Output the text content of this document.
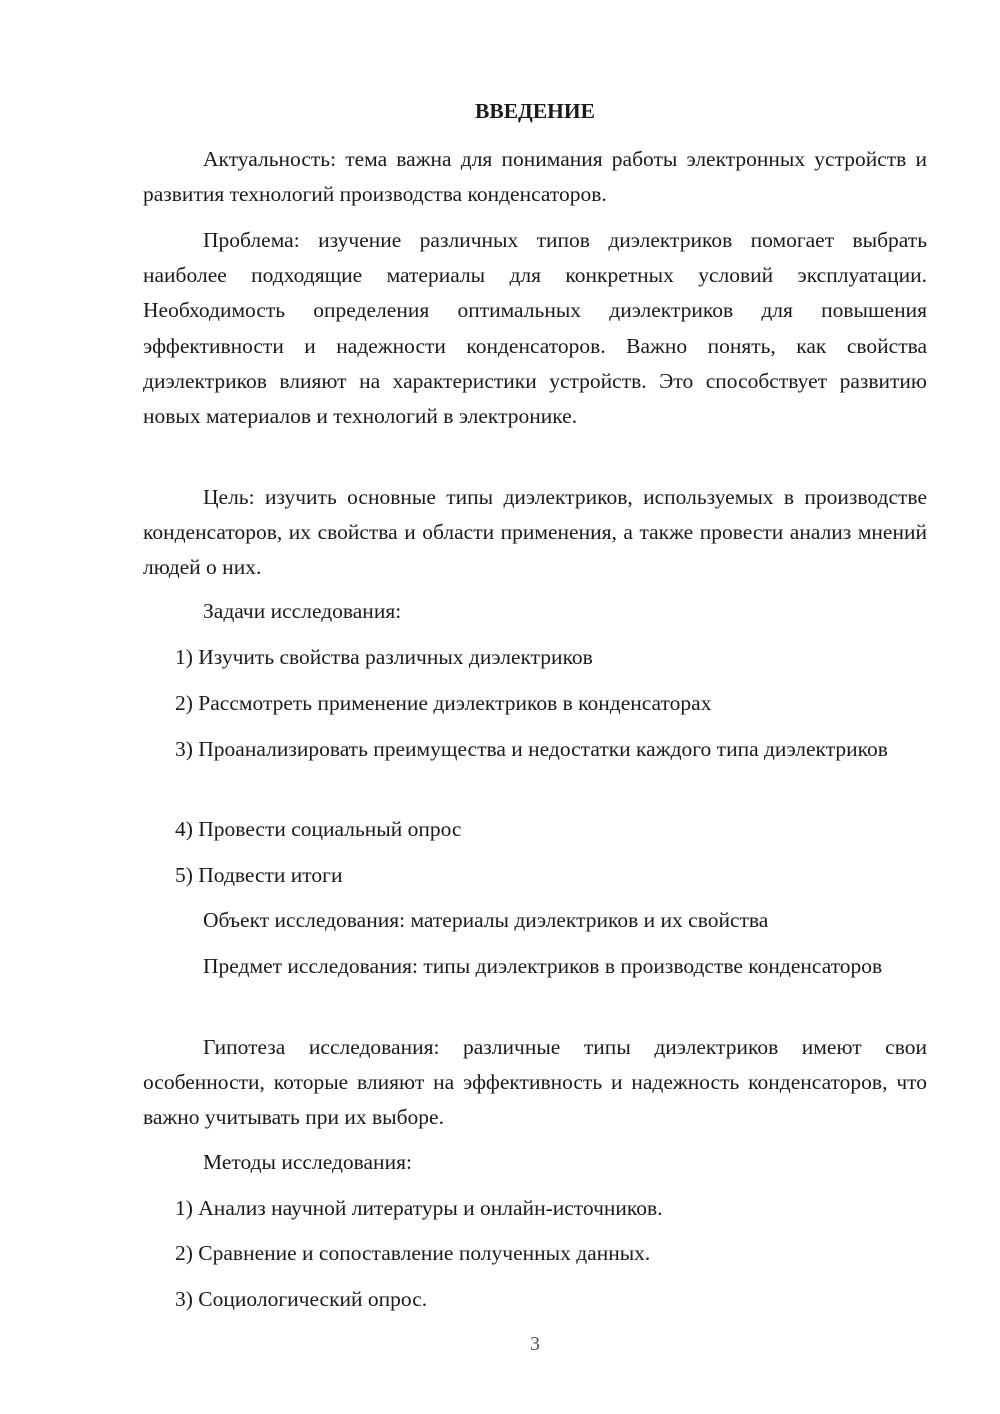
ВВЕДЕНИЕ

Актуальность: тема важна для понимания работы электронных устройств и развития технологий производства конденсаторов.

Проблема: изучение различных типов диэлектриков помогает выбрать наиболее подходящие материалы для конкретных условий эксплуатации. Необходимость определения оптимальных диэлектриков для повышения эффективности и надежности конденсаторов. Важно понять, как свойства диэлектриков влияют на характеристики устройств. Это способствует развитию новых материалов и технологий в электронике.

Цель: изучить основные типы диэлектриков, используемых в производстве конденсаторов, их свойства и области применения, а также провести анализ мнений людей о них.

Задачи исследования:

1) Изучить свойства различных диэлектриков

2) Рассмотреть применение диэлектриков в конденсаторах

3) Проанализировать преимущества и недостатки каждого типа диэлектриков

4) Провести социальный опрос

5) Подвести итоги

Объект исследования: материалы диэлектриков и их свойства

Предмет исследования: типы диэлектриков в производстве конденсаторов

Гипотеза исследования: различные типы диэлектриков имеют свои особенности, которые влияют на эффективность и надежность конденсаторов, что важно учитывать при их выборе.

Методы исследования:

1) Анализ научной литературы и онлайн-источников.

2) Сравнение и сопоставление полученных данных.

3) Социологический опрос.

3
